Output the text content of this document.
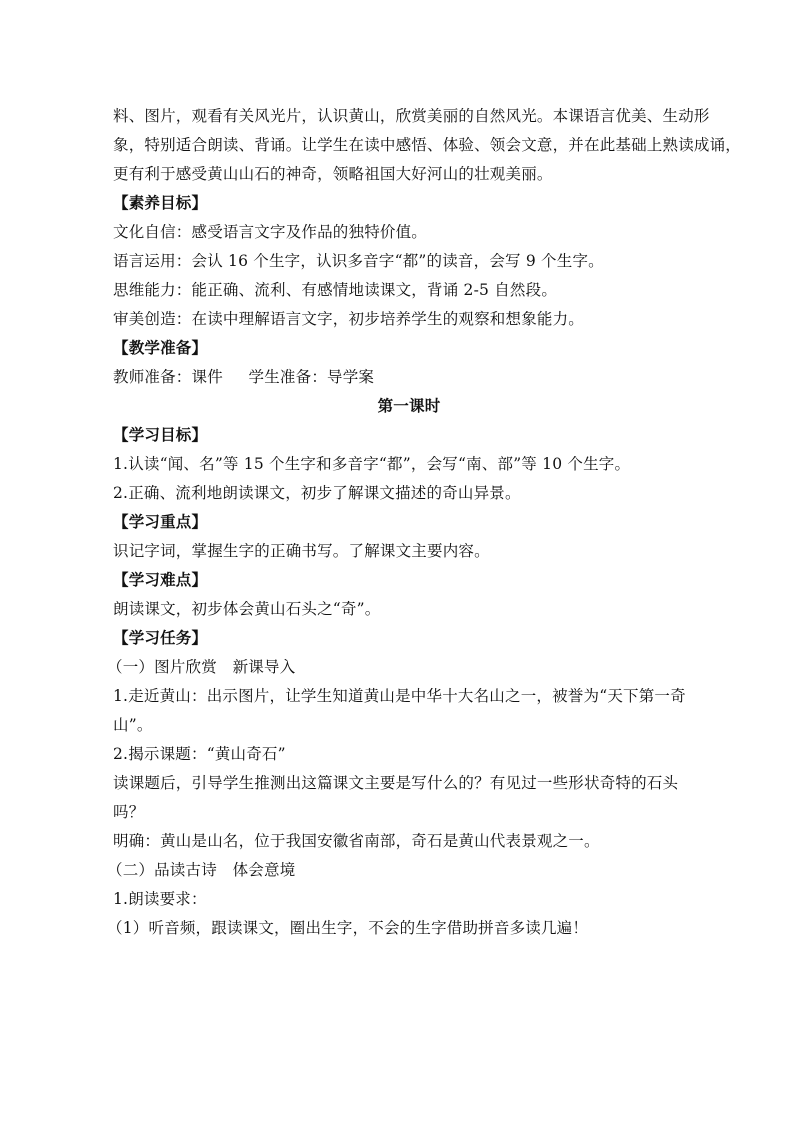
料、图片，观看有关风光片，认识黄山，欣赏美丽的自然风光。本课语言优美、生动形
象，特别适合朗读、背诵。让学生在读中感悟、体验、领会文意，并在此基础上熟读成诵，
更有利于感受黄山山石的神奇，领略祖国大好河山的壮观美丽。
【素养目标】
文化自信：感受语言文字及作品的独特价值。
语言运用：会认 16 个生字，认识多音字“都”的读音，会写 9 个生字。
思维能力：能正确、流利、有感情地读课文，背诵 2-5 自然段。
审美创造：在读中理解语言文字，初步培养学生的观察和想象能力。
【教学准备】
教师准备：课件     学生准备：导学案
第一课时
【学习目标】
1.认读“闻、名”等 15 个生字和多音字“都”，会写“南、部”等 10 个生字。
2.正确、流利地朗读课文，初步了解课文描述的奇山异景。
【学习重点】
识记字词，掌握生字的正确书写。了解课文主要内容。
【学习难点】
朗读课文，初步体会黄山石头之“奇”。
【学习任务】
（一）图片欣赏　新课导入
1.走近黄山：出示图片，让学生知道黄山是中华十大名山之一，被誉为“天下第一奇
山”。
2.揭示课题：“黄山奇石”
读课题后，引导学生推测出这篇课文主要是写什么的？有见过一些形状奇特的石头
吗？
明确：黄山是山名，位于我国安徽省南部，奇石是黄山代表景观之一。
（二）品读古诗　体会意境
1.朗读要求：
（1）听音频，跟读课文，圈出生字，不会的生字借助拼音多读几遍！
